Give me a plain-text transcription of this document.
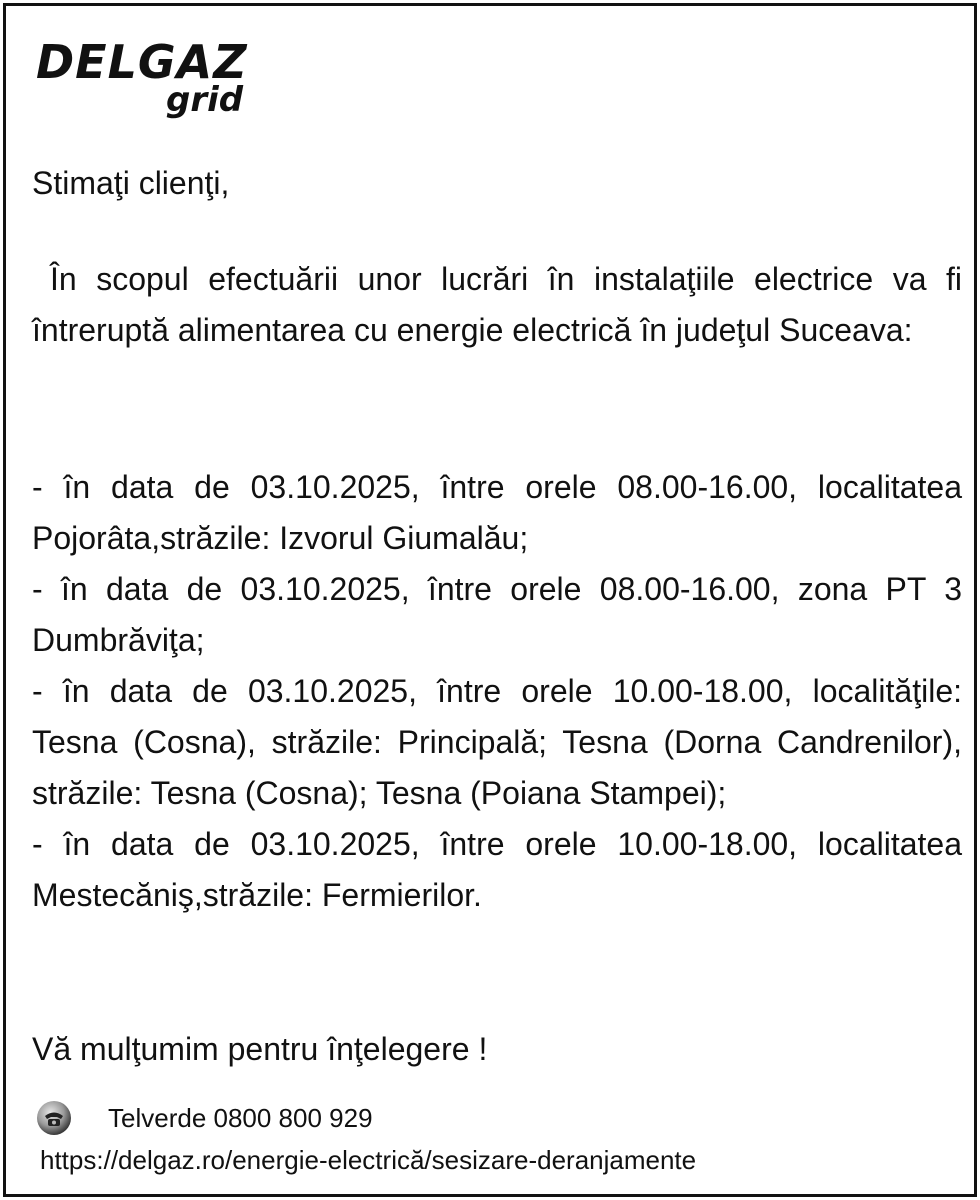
DELGAZ
grid
Stimaţi clienţi,
În scopul efectuării unor lucrări în instalaţiile electrice va fi întreruptă alimentarea cu energie electrică în judeţul Suceava:

- în data de 03.10.2025, între orele 08.00-16.00, localitatea Pojorâta,străzile: Izvorul Giumalău;

- în data de 03.10.2025, între orele 08.00-16.00, zona PT 3 Dumbrăviţa;

- în data de 03.10.2025, între orele 10.00-18.00, localităţile: Tesna (Cosna), străzile: Principală; Tesna (Dorna Candrenilor), străzile: Tesna (Cosna); Tesna (Poiana Stampei);

- în data de 03.10.2025, între orele 10.00-18.00, localitatea Mestecăniş,străzile: Fermierilor.

Vă mulţumim pentru înţelegere !
Telverde 0800 800 929
https://delgaz.ro/energie-electrică/sesizare-deranjamente
